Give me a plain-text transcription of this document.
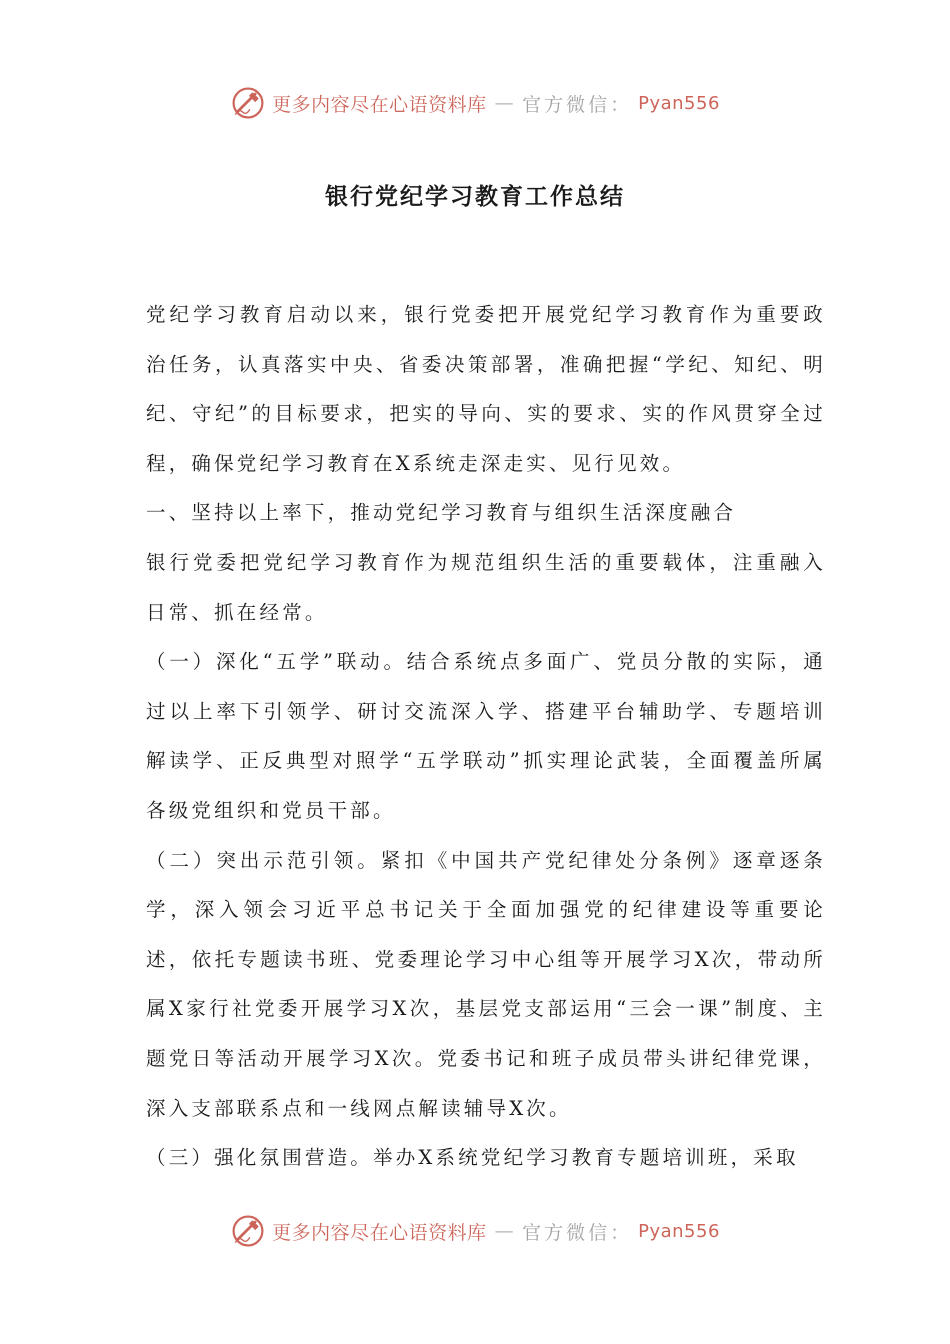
更多内容尽在心语资料库 — 官方微信： Pyan556
银行党纪学习教育工作总结

党纪学习教育启动以来，银行党委把开展党纪学习教育作为重要政治任务，认真落实中央、省委决策部署，准确把握“学纪、知纪、明纪、守纪”的目标要求，把实的导向、实的要求、实的作风贯穿全过程，确保党纪学习教育在X系统走深走实、见行见效。

一、坚持以上率下，推动党纪学习教育与组织生活深度融合

银行党委把党纪学习教育作为规范组织生活的重要载体，注重融入日常、抓在经常。

（一）深化“五学”联动。结合系统点多面广、党员分散的实际，通过以上率下引领学、研讨交流深入学、搭建平台辅助学、专题培训解读学、正反典型对照学“五学联动”抓实理论武装，全面覆盖所属各级党组织和党员干部。

（二）突出示范引领。紧扣《中国共产党纪律处分条例》逐章逐条学，深入领会习近平总书记关于全面加强党的纪律建设等重要论述，依托专题读书班、党委理论学习中心组等开展学习X次，带动所属X家行社党委开展学习X次，基层党支部运用“三会一课”制度、主题党日等活动开展学习X次。党委书记和班子成员带头讲纪律党课，深入支部联系点和一线网点解读辅导X次。

（三）强化氛围营造。举办X系统党纪学习教育专题培训班，采取

更多内容尽在心语资料库 — 官方微信： Pyan556
